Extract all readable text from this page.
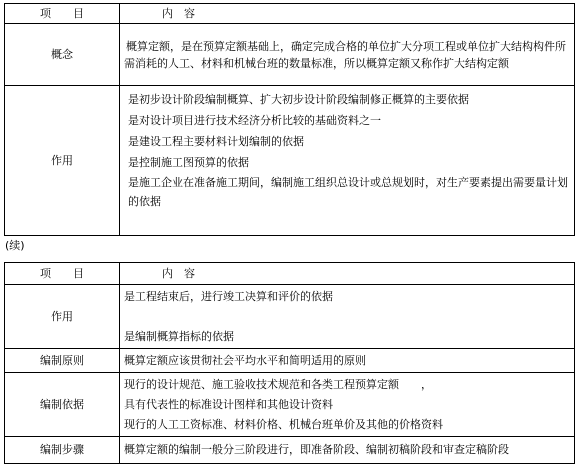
项　　目	内　容
概念	概算定额，是在预算定额基础上，确定完成合格的单位扩大分项工程或单位扩大结构构件所需消耗的人工、材料和机械台班的数量标准，所以概算定额又称作扩大结构定额

作用	是初步设计阶段编制概算、扩大初步设计阶段编制修正概算的主要依据
是对设计项目进行技术经济分析比较的基础资料之一
是建设工程主要材料计划编制的依据
是控制施工图预算的依据
是施工企业在准备施工期间，编制施工组织总设计或总规划时，对生产要素提出需要量计划的依据
(续)
项　　目	内　容
作用	是工程结束后，进行竣工决算和评价的依据
是编制概算指标的依据

编制原则	概算定额应该贯彻社会平均水平和简明适用的原则

编制依据	现行的设计规范、施工验收技术规范和各类工程预算定额　　，
具有代表性的标准设计图样和其他设计资料
现行的人工工资标准、材料价格、机械台班单价及其他的价格资料

编制步骤	概算定额的编制一般分三阶段进行，即准备阶段、编制初稿阶段和审查定稿阶段
